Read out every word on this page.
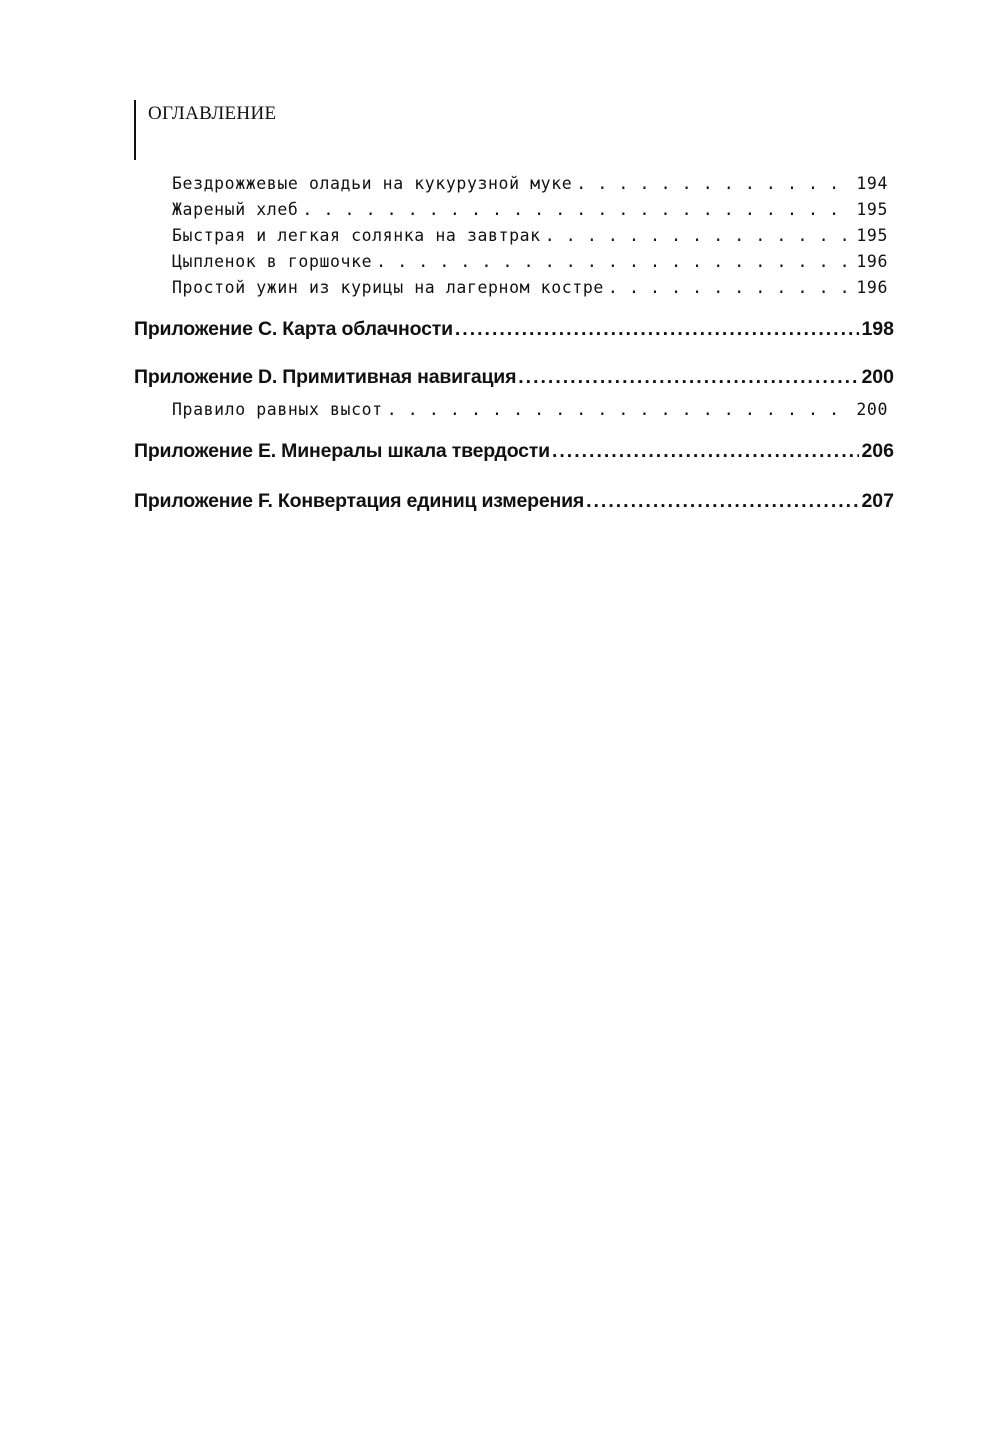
ОГЛАВЛЕНИЕ
Бездрожжевые оладьи на кукурузной муке . . .	194
Жареный хлеб . . .	195
Быстрая и легкая солянка на завтрак . . .	195
Цыпленок в горшочке . . .	196
Простой ужин из курицы на лагерном костре . . .	196
Приложение C. Карта облачности .....	198
Приложение D. Примитивная навигация .....	200
Правило равных высот . . .	200
Приложение E. Минералы шкала твердости .....	206
Приложение F. Конвертация единиц измерения .....	207
